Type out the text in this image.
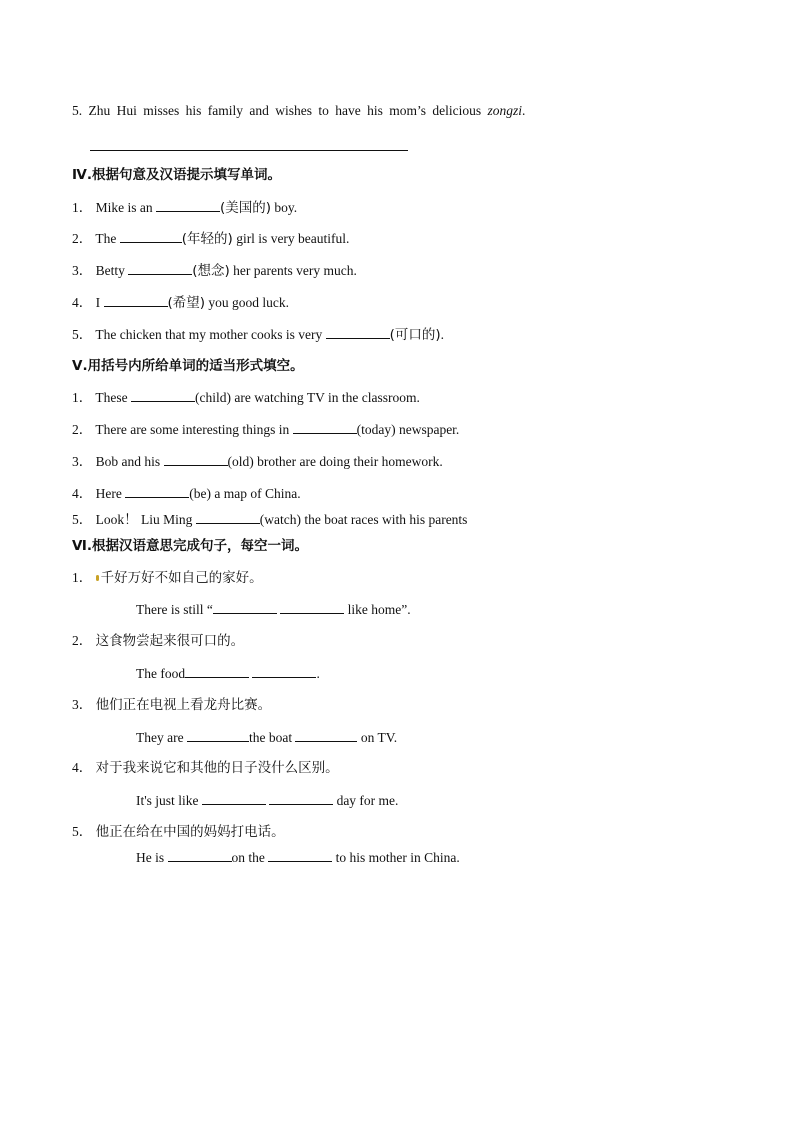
5. Zhu Hui misses his family and wishes to have his mom’s delicious zongzi.
Ⅳ.根据句意及汉语提示填写单词。
1． Mike is an	(美国的) boy.
2． The	(年轻的) girl is very beautiful.
3． Betty	(想念) her parents very much.
4． I	(希望) you good luck.
5． The chicken that my mother cooks is very	(可口的).
Ⅴ.用括号内所给单词的适当形式填空。
1． These	(child) are watching TV in the classroom.
2． There are some interesting things in	(today) newspaper.
3． Bob and his	(old) brother are doing their homework.
4． Here	(be) a map of China.
5． Look！ Liu Ming	(watch) the boat races with his parents
Ⅵ.根据汉语意思完成句子，每空一词。
1． 千好万好不如自己的家好。
There is still “	like home”.
2． 这食物尝起来很可口的。
The food	.
3． 他们正在电视上看龙舟比赛。
They are	the boat	on TV.
4． 对于我来说它和其他的日子没什么区别。
It's just like	day for me.
5． 他正在给在中国的妈妈打电话。
He is	on the	to his mother in China.
